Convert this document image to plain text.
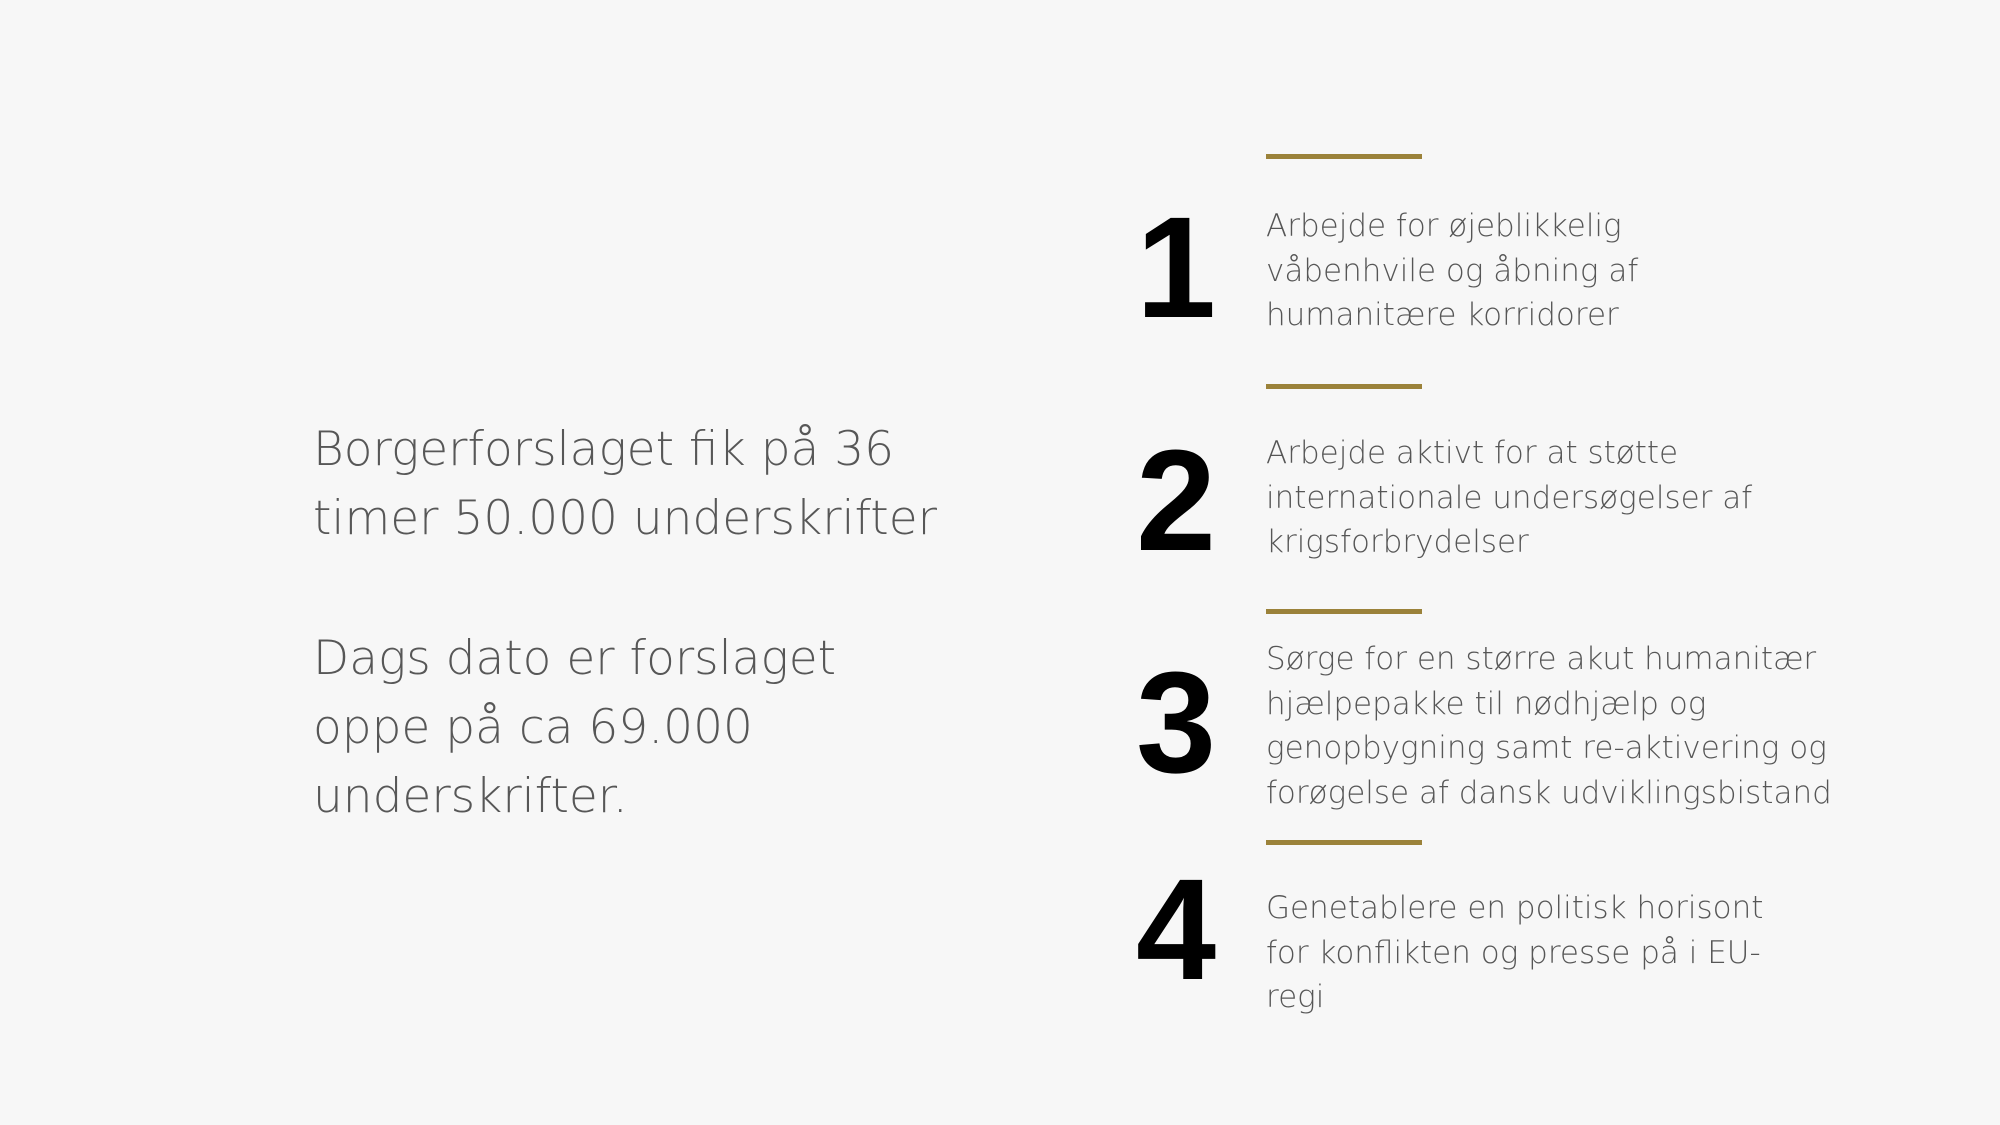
Borgerforslaget fik på 36
timer 50.000 underskrifter

Dags dato er forslaget
oppe på ca 69.000
underskrifter.

1	Arbejde for øjeblikkelig
våbenhvile og åbning af
humanitære korridorer

2	Arbejde aktivt for at støtte
internationale undersøgelser af
krigsforbrydelser

3	Sørge for en større akut humanitær
hjælpepakke til nødhjælp og
genopbygning samt re-aktivering og
forøgelse af dansk udviklingsbistand

4	Genetablere en politisk horisont
for konflikten og presse på i EU-
regi
